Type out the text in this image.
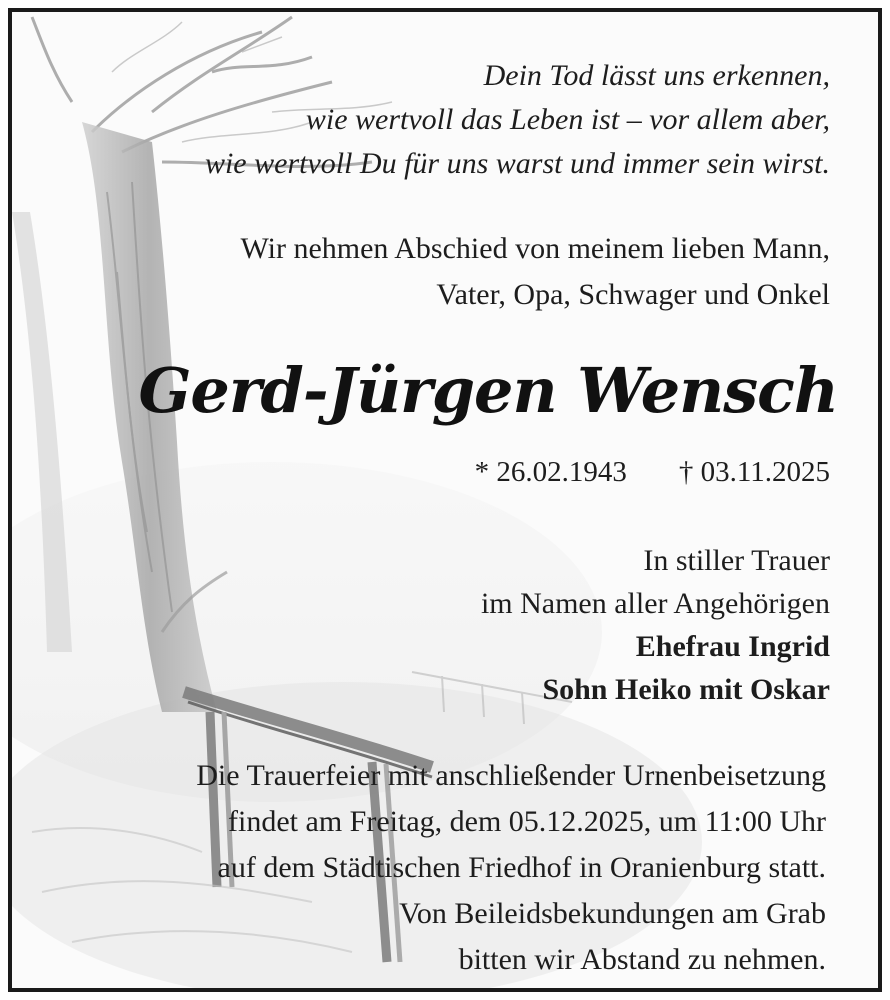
Dein Tod lässt uns erkennen,
wie wertvoll das Leben ist – vor allem aber,
wie wertvoll Du für uns warst und immer sein wirst.
Wir nehmen Abschied von meinem lieben Mann,
Vater, Opa, Schwager und Onkel
Gerd-Jürgen Wensch
* 26.02.1943 † 03.11.2025
In stiller Trauer
im Namen aller Angehörigen
Ehefrau Ingrid
Sohn Heiko mit Oskar
Die Trauerfeier mit anschließender Urnenbeisetzung
findet am Freitag, dem 05.12.2025, um 11:00 Uhr
auf dem Städtischen Friedhof in Oranienburg statt.
Von Beileidsbekundungen am Grab
bitten wir Abstand zu nehmen.
